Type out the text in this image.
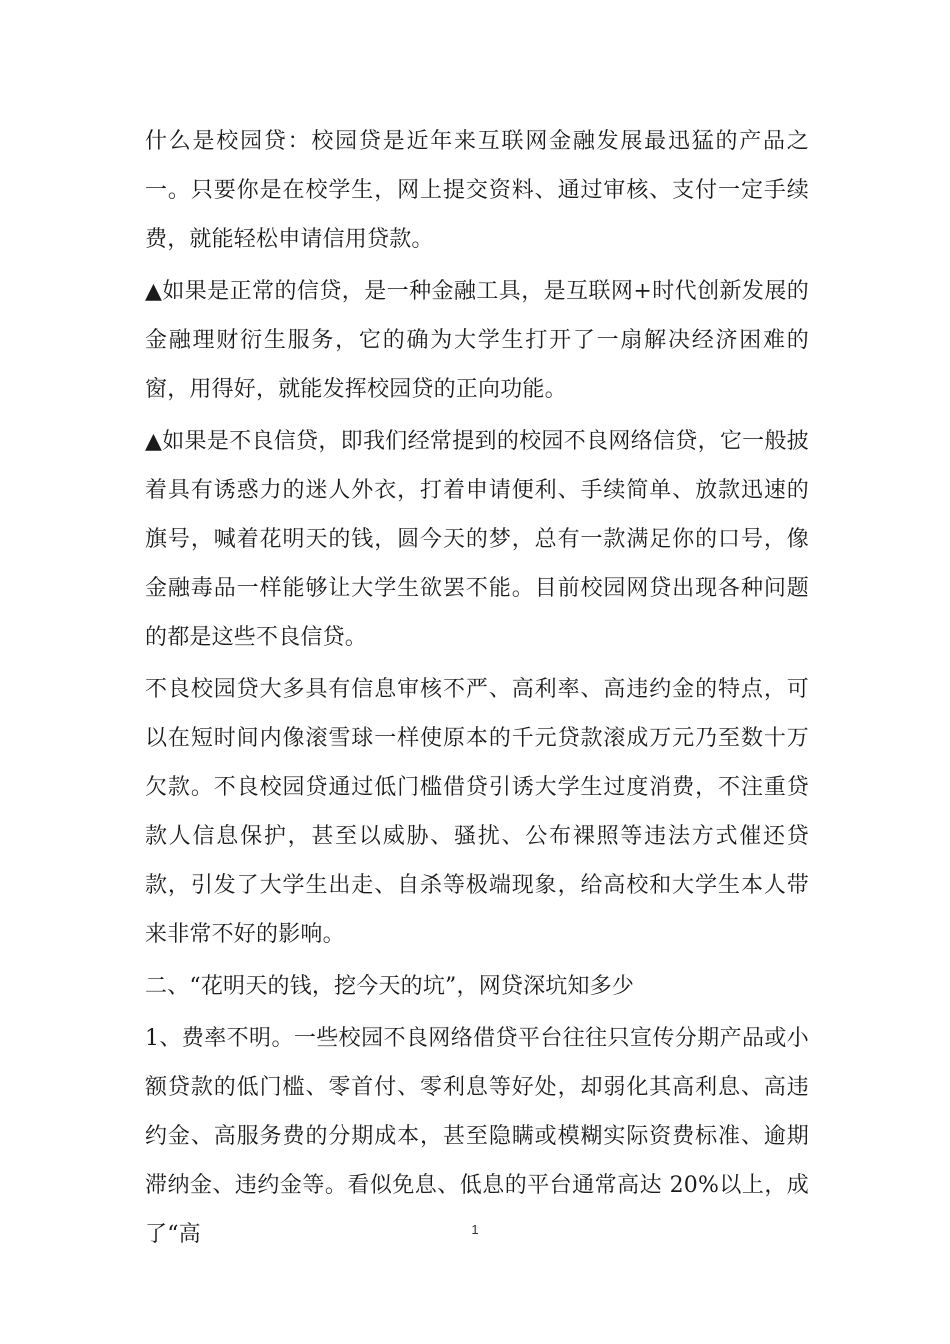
什么是校园贷：校园贷是近年来互联网金融发展最迅猛的产品之一。只要你是在校学生，网上提交资料、通过审核、支付一定手续费，就能轻松申请信用贷款。

▲如果是正常的信贷，是一种金融工具，是互联网+时代创新发展的金融理财衍生服务，它的确为大学生打开了一扇解决经济困难的窗，用得好，就能发挥校园贷的正向功能。

▲如果是不良信贷，即我们经常提到的校园不良网络信贷，它一般披着具有诱惑力的迷人外衣，打着申请便利、手续简单、放款迅速的旗号，喊着花明天的钱，圆今天的梦，总有一款满足你的口号，像金融毒品一样能够让大学生欲罢不能。目前校园网贷出现各种问题的都是这些不良信贷。

不良校园贷大多具有信息审核不严、高利率、高违约金的特点，可以在短时间内像滚雪球一样使原本的千元贷款滚成万元乃至数十万欠款。不良校园贷通过低门槛借贷引诱大学生过度消费，不注重贷款人信息保护，甚至以威胁、骚扰、公布裸照等违法方式催还贷款，引发了大学生出走、自杀等极端现象，给高校和大学生本人带来非常不好的影响。

二、“花明天的钱，挖今天的坑”，网贷深坑知多少

1、费率不明。一些校园不良网络借贷平台往往只宣传分期产品或小额贷款的低门槛、零首付、零利息等好处，却弱化其高利息、高违约金、高服务费的分期成本，甚至隐瞒或模糊实际资费标准、逾期滞纳金、违约金等。看似免息、低息的平台通常高达 20%以上，成了“高	1
